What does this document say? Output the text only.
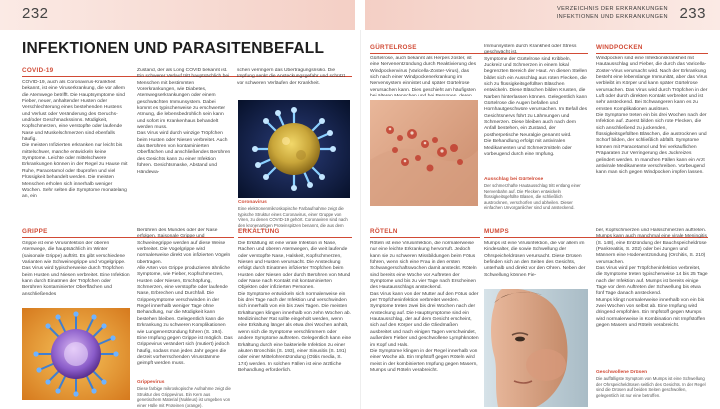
232	233
VERZEICHNIS DER ERKRANKUNGEN
INFEKTIONEN UND ERKRANKUNGEN
INFEKTIONEN UND PARASITENBEFALL
COVID-19
COVID-19, auch als Coronavirus-Krankheit bekannt, ist eine Viruserkrankung, die vor allem die Atemwege betrifft. Die Hauptsymptome sind Fieber, neuer, anhaltender Husten oder Verschlechterung eines bestehenden Hustens und Verlust oder Veränderung des Geruchs- und/oder Geschmackssinns. Müdigkeit, Kopfschmerzen, eine verstopfte oder laufende Nase und Muskelschmerzen sind ebenfalls häufig.
Die meisten Infizierten erkranken nur leicht bis mittelschwer, manche entwickeln keine Symptome. Leichte oder mittelschwere Erkrankungen können in der Regel zu Hause mit Ruhe, Paracetamol oder Ibuprofen und viel Flüssigkeit behandelt werden. Die meisten Menschen erholen sich innerhalb weniger Wochen. Sehr selten die Symptome monatelang an, ein
Zustand, der als Long COVID bekannt ist. Ein schwerer Verlauf tritt hauptsächlich bei Menschen mit bestimmten Vorerkrankungen, wie Diabetes, Atemwegserkrankungen oder einem geschwächten Immunsystem. Dabei kommt es typischerweise zu erschwerter Atmung, die lebensbedrohlich sein kann und sofort im Krankenhaus behandelt werden muss.
Das Virus wird durch winzige Tröpfchen beim Husten oder Niesen verbreitet. Auch das Berühren von kontaminierten Oberflächen und anschließendes Berühren des Gesichts kann zu einer Infektion führen. Gesichtsmaske, Abstand und Händewa-
schen verringern das Übertragungsrisiko. Die Impfung senkt die Ansteckungsgefahr und schützt vor schweren Verläufen der Krankheit.
Coronavirus
Eine elektronenmikroskopische Farbaufnahme zeigt die typische Struktur eines Coronavirus, einer Gruppe von Viren, zu denen COVID-19 gehört. Coronaviren sind nach den kronenartigen Proteinspitzen benannt, die aus dem
GÜRTELROSE
Gürtelrose, auch bekannt als Herpes zoster, ist eine Nervenentzündung durch Reaktivierung des Windpockenvirus (Varicella-Zoster-Virus), das sich nach einer Windpockenerkrankung im Nervensystem einnistet und später Gürtelrose verursachen kann. Dies geschieht am häufigsten
Immunsystem durch Krankheit oder Stress geschwächt ist.
Symptome der Gürtelrose sind Kribbeln, Juckreiz und Schmerzen in einem lokal begrenzten Bereich der Haut. An diesen Stellen bildet sich ein Ausschlag aus roten Flecken, die sich zu flüssigkeitsgefüllten Bläschen entwickeln. Diese Bläschen bilden Krusten, die Narben hinterlassen können. Gelegentlich kann Gürtelrose die Augen befallen und Hornhautgeschwüre verursachen. Im Befall des Gesichtsnervs führt zu Lähmungen und Schmerzen. Diese bleiben auch nach dem Anfall bestehen, ein Zustand, der postherpetische Neuralgie genannt wird.
Die Behandlung erfolgt mit antiviralen Medikamenten und Schmerzmitteln oder vorbeugend durch eine Impfung.
Ausschlag bei Gürtelrose
Der schmerzhafte Hautausschlag tritt entlang einer Nervenbahn auf. Die Flecken entwickeln flüssigkeitsgefüllte Blasen, die schließlich austrocknen, verschorfen und abheilen. Dieser einfachen Unvorganlicher sind und ansteckend.
WINDPOCKEN
Windpocken sind eine Infektionskrankheit mit Hautausschlag und Fieber, die durch das Varicella-Zoster-Virus verursacht wird. Nach der Erkrankung besteht eine lebenslange Immunität, aber das Virus verbleibt im Körper und kann später Gürtelrose verursachen. Das Virus wird durch Tröpfchen in der Luft oder durch direkten Kontakt verbreitet und ist sehr ansteckend. Bei Schwangeren kann es zu ernsten Komplikationen auslösen.
Die Symptome treten ein bis drei Wochen nach der Infektion auf. Zuerst bilden sich rote Flecken, die sich anschließend zu juckenden, flüssigkeitsgefüllten Bläschen, die austrocknen und Schorf bilden, der schließlich abfällt. Symptome können mit Paracetamol und frei verkäuflichen Präparaten zur Verringerung des Juckreizes gelindert werden. In manchen Fällen kann ein Arzt antivirale Medikamente verschreiben. Vorbeugend kann man sich gegen Windpocken impfen lassen.
GRIPPE
Grippe ist eine Virusinfektion der oberen Atemwege, die hauptsächlich im Winter (saisonale Grippe) auftritt. Es gibt verschiedene Varianten wie Schweinegrippe und Vogelgrippe. Das Virus wird typischerweise durch Tröpfchen beim Husten und Niesen verbreitet. Eine Infektion kann durch Einatmen der Tröpfchen oder Berühren kontaminierter Oberflächen und anschließendes
Berühren des Mundes oder der Nase erfolgen. Saisonale Grippe und Schweinegrippe werden auf diese Weise verbreitet. Die Vogelgrippe wird normalerweise direkt von infizierten Vögeln übertragen.
Alle Arten von Grippe produzieren ähnliche Symptome, wie Fieber, Kopfschmerzen, Husten oder Niesen, Erschöpfung, Schmerzen, eine verstopfte oder laufende Nase, Erbrechen und Durchfall. Die Grippesymptome verschwinden in der Regel innerhalb weniger Tage ohne Behandlung, nur die Müdigkeit kann bestehen bleiben. Gelegentlich kann die Erkrankung zu schweren Komplikationen wie Lungenentzündung führen (S. 194).
Eine Impfung gegen Grippe ist möglich. Das Grippevirus verändert sich (mutiert) jedoch häufig, sodass man jedes Jahr gegen die derzeit vorherrschenden Virusstämme geimpft werden muss.
Grippevirus
Diese farbige mikroskopische Aufnahme zeigt die Struktur des Grippevirus. Ein Kern aus genetischem Material (Nukleus) ist umgeben von einer Hülle mit Proteinen (orange).
ERKÄLTUNG
Die Erkältung ist eine virale Infektion in Nase, Rachen und oberen Atemwegen, die weit laufende oder verstopfte Nase, Halskeit, Kopfschmerzen, Niesen und Husten verursacht. Die Ansteckung erfolgt durch Einatmen infizierter Tröpfchen beim Husten oder Niesen oder durch Berühren von Mund oder Nase nach Kontakt mit kontaminierten Objekten oder infizierten Personen.
Die Symptome entwickeln sich normalerweise ein bis drei Tage nach der Infektion und verschwinden sich innerhalb von ein bis zwei Tagen. Die meisten Erkältungen klingen innerhalb von zehn Wochen ab. Medizinischer Rat sollte eingeholt werden, wenn eine Erkältung länger als etwa drei Wochen anhält, wenn sich die Symptome verschlimmern oder andere Symptome auftreten. Gelegentlich kann eine Erkältung durch eine bakterielle Infektion zu einer akuten Bronchitis (S. 193), einer Sinusitis (S. 191) oder einer Mittelohrentzündung (Otitis media, S. 174) werden. In solchen Fällen ist eine ärztliche Behandlung erforderlich.
RÖTELN
Röteln ist eine Virusinfektion, die normalerweise nur eine leichte Erkrankung hervorruft. Jedoch kann sie zu schweren Missbildungen beim Fötus führen, wenn sich eine Frau in den ersten Schwangerschaftswochen damit ansteckt. Röteln sind bereits eine Woche vor Auftreten der Symptome und bis zu vier Tage nach Erscheinen des Hautausschlags ansteckend.
Das Virus kann von der Mutter auf den Fötus oder per Tröpfcheninfektion verbreitet werden. Symptome treten zwei bis drei Wochen nach der Ansteckung auf. Die Hauptsymptome sind ein Hautausschlag, der auf dem Gesicht erscheint, sich auf den Körper und die Gliedmaßen ausbreitet und nach einigen Tagen verschwindet, außerdem Fieber und geschwollene Lymphknoten im Kopf und Hals.
Die Symptome klingen in der Regel innerhalb von einer Woche ab. Ein Impfstoff gegen Röteln wird meist in der kombinierten Impfung gegen Masern, Mumps und Röteln verabreicht.
MUMPS
Mumps ist eine Virusinfektion, die vor allem im Kindesalter, die sowie Schwellung der Ohrspeicheldrüsen verursacht. Diese Drüsen befinden sich an den Seiten des Gesichts, unterhalb und direkt vor den Ohren. Neben der Schwellung können Fie-
ber, Kopfschmerzen und Halsschmerzen auftreten. Mumps kann auch manchmal eine virale Meningitis (S. 148), eine Entzündung der Bauchspeicheldrüse (Pankreatitis, S. 202) oder bei Jungen und Männern eine Hodenentzündung (Orchitis, S. 210) verursachen.
Das Virus wird per Tröpfcheninfektion verbreitet, die Symptome treten typischerweise 14 bis 25 Tage nach der Infektion auf. Mumps ist bereits einige Tage vor dem Auftreten der Schwellung bis etwa fünf Tage danach ansteckend.
Mumps klingt normalerweise innerhalb von ein bis zwei Wochen von selbst ab. Eine Impfung wird dringend empfohlen. Ein Impfstoff gegen Mumps wird normalerweise in Kombination mit Impfstoffen gegen Masern und Röteln verabreicht.
Geschwollene Drüsen
Die auffälligste Symptom von Mumps ist eine Schwellung der Ohrspeicheldrüsen seitlich des Gesichts. In der Regel sind die Drüsen auf beiden Seiten geschwollen, gelegentlich ist nur eine betroffen.
